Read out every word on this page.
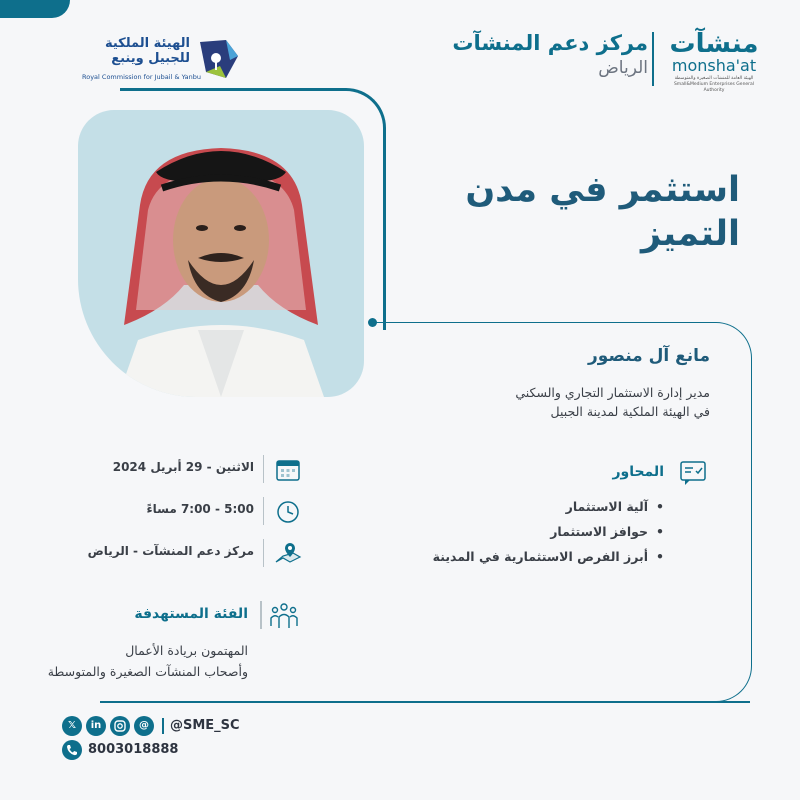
الهيئة الملكية
للجبيل وينبع
Royal Commission for Jubail & Yanbu
مركز دعم المنشآت
الرياض
منشآت
monsha'at
الهيئة العامة للمنشآت الصغيرة والمتوسطة Small&Medium Enterprises General Authority
استثمر في مدن التميز
مانع آل منصور
مدير إدارة الاستثمار التجاري والسكني
في الهيئة الملكية لمدينة الجبيل
الاثنين - 29 أبريل 2024
5:00 - 7:00 مساءً
مركز دعم المنشآت - الرياض
المحاور
•آلية الاستثمار
•حوافز الاستثمار
•أبرز الفرص الاستثمارية في المدينة
الفئة المستهدفة
المهتمون بريادة الأعمال
وأصحاب المنشآت الصغيرة والمتوسطة
𝕏	in	@	@SME_SC
8003018888
